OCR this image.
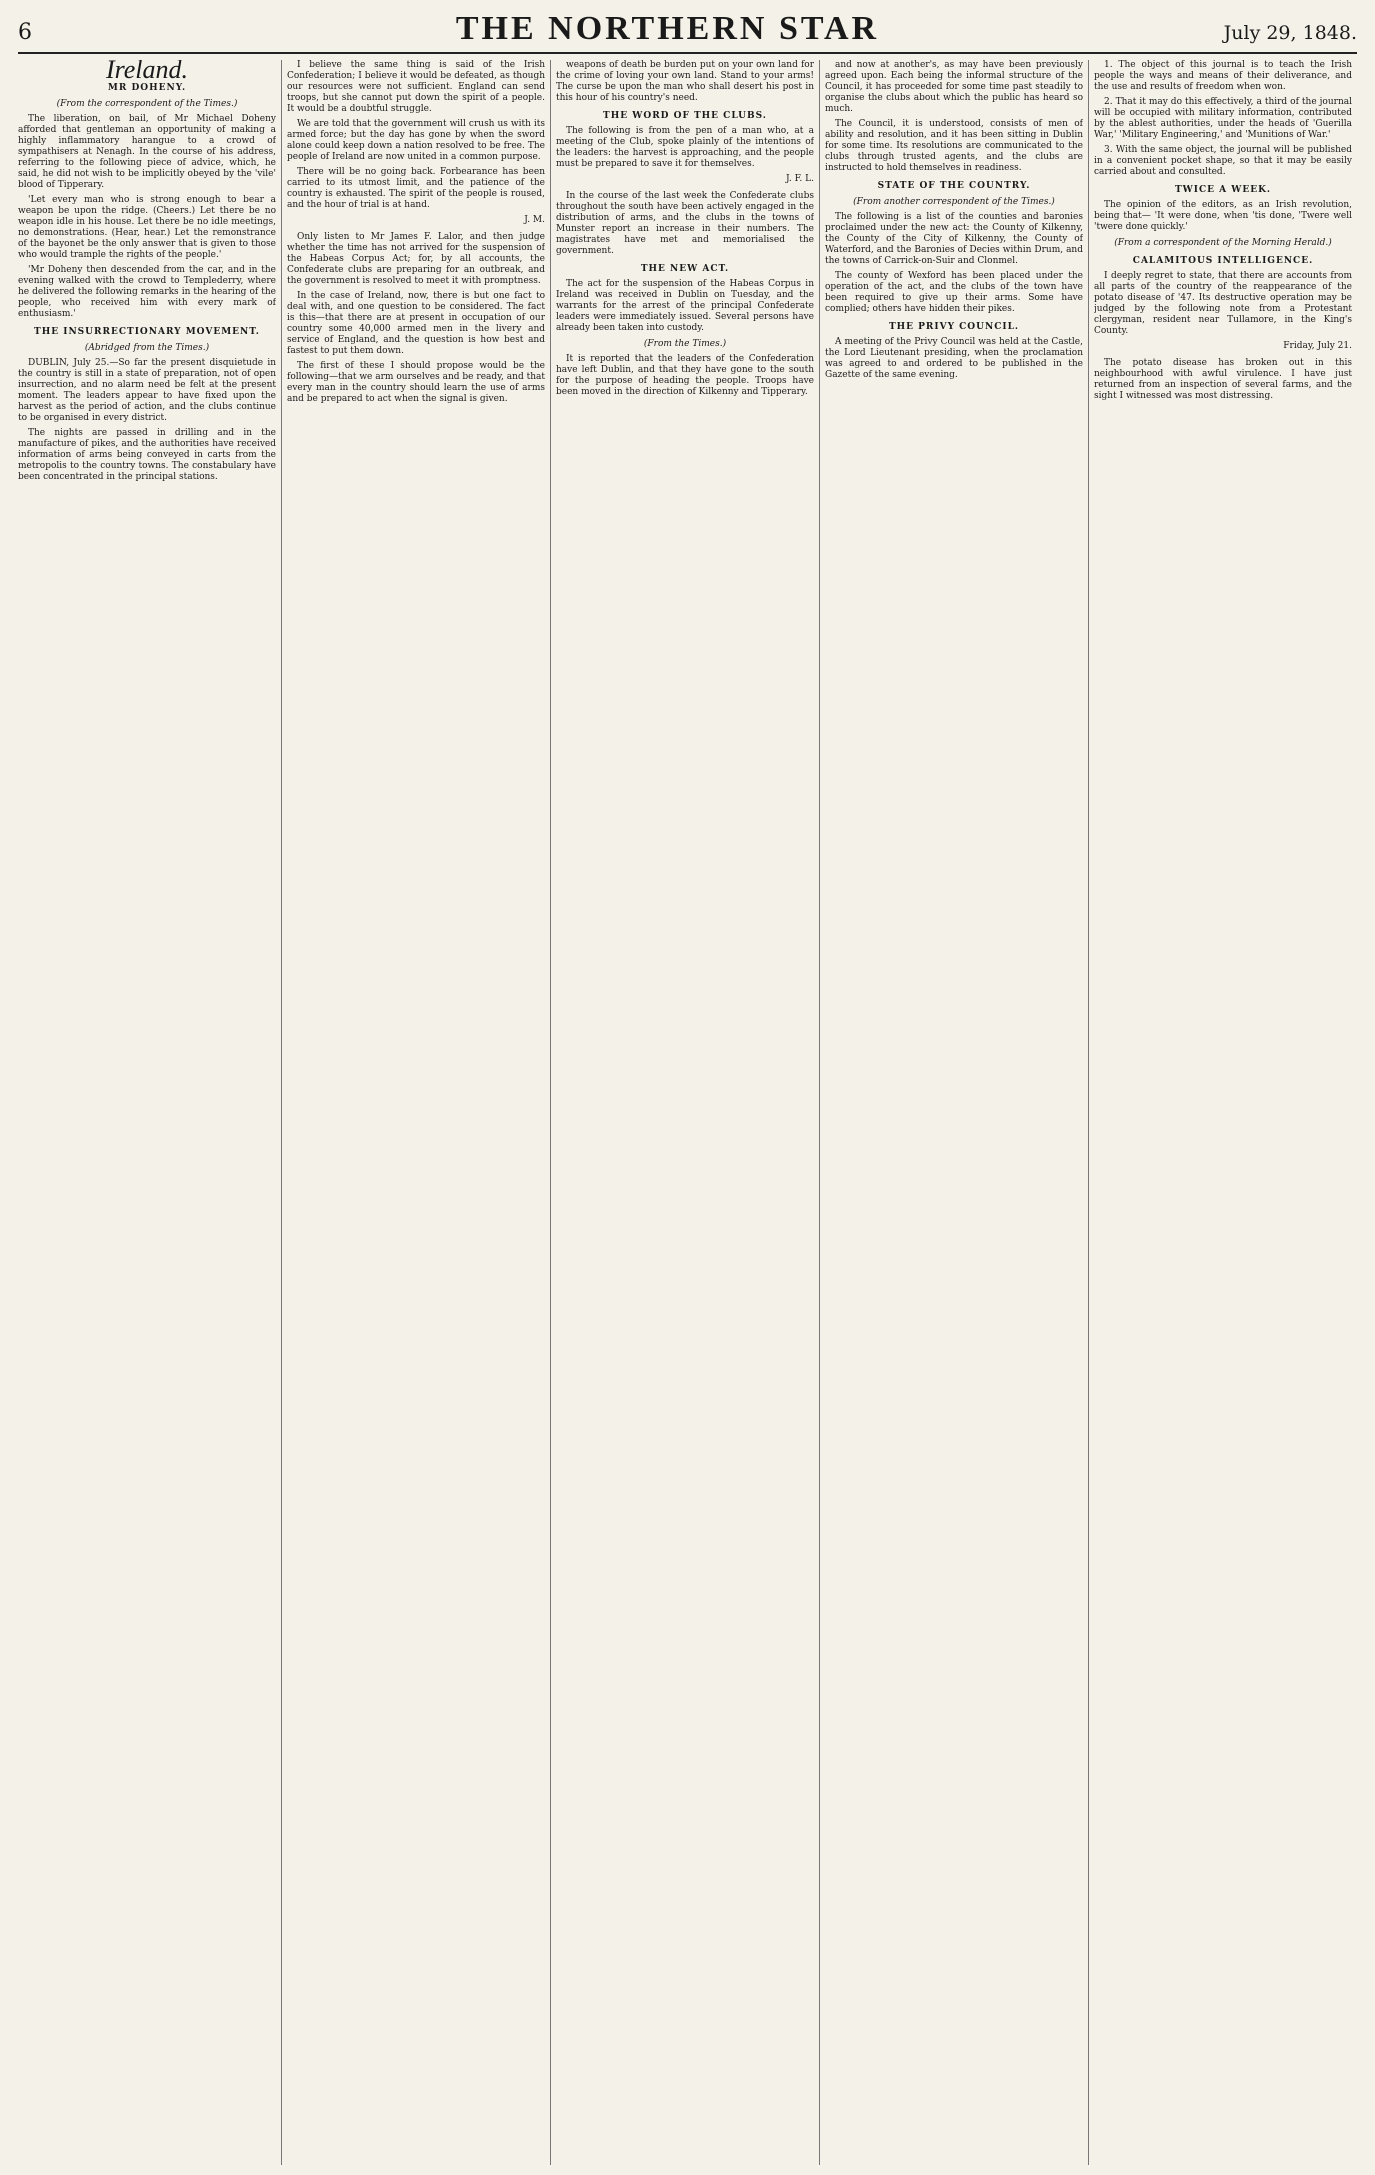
6	THE NORTHERN STAR	July 29, 1848.
Ireland.
MR DOHENY.
(From the correspondent of the Times.)

The liberation, on bail, of Mr Michael Doheny afforded that gentleman an opportunity of making a highly inflammatory harangue to a crowd of sympathisers at Nenagh. In the course of his address, referring to the following piece of advice, which, he said, he did not wish to be implicitly obeyed by the 'vile' blood of Tipperary.

'Let every man who is strong enough to bear a weapon be upon the ridge. (Cheers.) Let there be no weapon idle in his house. Let there be no idle meetings, no demonstrations. (Hear, hear.) Let the remonstrance of the bayonet be the only answer that is given to those who would trample the rights of the people.'

'Mr Doheny then descended from the car, and in the evening walked with the crowd to Templederry, where he delivered the following remarks in the hearing of the people, who received him with every mark of enthusiasm.'

THE INSURRECTIONARY MOVEMENT.
(Abridged from the Times.)

DUBLIN, July 25.—So far the present disquietude in the country is still in a state of preparation, not of open insurrection, and no alarm need be felt at the present moment. The leaders appear to have fixed upon the harvest as the period of action, and the clubs continue to be organised in every district.

The nights are passed in drilling and in the manufacture of pikes, and the authorities have received information of arms being conveyed in carts from the metropolis to the country towns. The constabulary have been concentrated in the principal stations.

I believe the same thing is said of the Irish Confederation; I believe it would be defeated, as though our resources were not sufficient. England can send troops, but she cannot put down the spirit of a people. It would be a doubtful struggle.

We are told that the government will crush us with its armed force; but the day has gone by when the sword alone could keep down a nation resolved to be free. The people of Ireland are now united in a common purpose.

There will be no going back. Forbearance has been carried to its utmost limit, and the patience of the country is exhausted. The spirit of the people is roused, and the hour of trial is at hand.

J. M.

Only listen to Mr James F. Lalor, and then judge whether the time has not arrived for the suspension of the Habeas Corpus Act; for, by all accounts, the Confederate clubs are preparing for an outbreak, and the government is resolved to meet it with promptness.

In the case of Ireland, now, there is but one fact to deal with, and one question to be considered. The fact is this—that there are at present in occupation of our country some 40,000 armed men in the livery and service of England, and the question is how best and fastest to put them down.

The first of these I should propose would be the following—that we arm ourselves and be ready, and that every man in the country should learn the use of arms and be prepared to act when the signal is given.

weapons of death be burden put on your own land for the crime of loving your own land. Stand to your arms! The curse be upon the man who shall desert his post in this hour of his country's need.

THE WORD OF THE CLUBS.

The following is from the pen of a man who, at a meeting of the Club, spoke plainly of the intentions of the leaders: the harvest is approaching, and the people must be prepared to save it for themselves.

J. F. L.

In the course of the last week the Confederate clubs throughout the south have been actively engaged in the distribution of arms, and the clubs in the towns of Munster report an increase in their numbers. The magistrates have met and memorialised the government.

THE NEW ACT.

The act for the suspension of the Habeas Corpus in Ireland was received in Dublin on Tuesday, and the warrants for the arrest of the principal Confederate leaders were immediately issued. Several persons have already been taken into custody.

(From the Times.)

It is reported that the leaders of the Confederation have left Dublin, and that they have gone to the south for the purpose of heading the people. Troops have been moved in the direction of Kilkenny and Tipperary.

and now at another's, as may have been previously agreed upon. Each being the informal structure of the Council, it has proceeded for some time past steadily to organise the clubs about which the public has heard so much.

The Council, it is understood, consists of men of ability and resolution, and it has been sitting in Dublin for some time. Its resolutions are communicated to the clubs through trusted agents, and the clubs are instructed to hold themselves in readiness.

STATE OF THE COUNTRY.
(From another correspondent of the Times.)

The following is a list of the counties and baronies proclaimed under the new act: the County of Kilkenny, the County of the City of Kilkenny, the County of Waterford, and the Baronies of Decies within Drum, and the towns of Carrick-on-Suir and Clonmel.

The county of Wexford has been placed under the operation of the act, and the clubs of the town have been required to give up their arms. Some have complied; others have hidden their pikes.

THE PRIVY COUNCIL.

A meeting of the Privy Council was held at the Castle, the Lord Lieutenant presiding, when the proclamation was agreed to and ordered to be published in the Gazette of the same evening.

1. The object of this journal is to teach the Irish people the ways and means of their deliverance, and the use and results of freedom when won.

2. That it may do this effectively, a third of the journal will be occupied with military information, contributed by the ablest authorities, under the heads of 'Guerilla War,' 'Military Engineering,' and 'Munitions of War.'

3. With the same object, the journal will be published in a convenient pocket shape, so that it may be easily carried about and consulted.

TWICE A WEEK.

The opinion of the editors, as an Irish revolution, being that— 'It were done, when 'tis done, 'Twere well 'twere done quickly.'

(From a correspondent of the Morning Herald.)
CALAMITOUS INTELLIGENCE.

I deeply regret to state, that there are accounts from all parts of the country of the reappearance of the potato disease of '47. Its destructive operation may be judged by the following note from a Protestant clergyman, resident near Tullamore, in the King's County.

Friday, July 21.

The potato disease has broken out in this neighbourhood with awful virulence. I have just returned from an inspection of several farms, and the sight I witnessed was most distressing.
